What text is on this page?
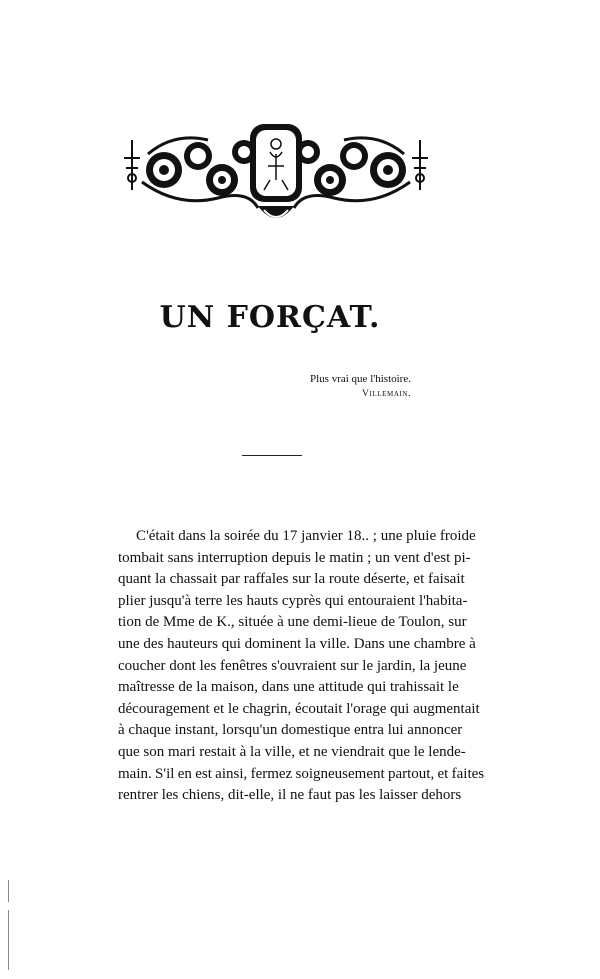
UN FORÇAT.
Plus vrai que l'histoire.
Villemain.
C'était dans la soirée du 17 janvier 18.. ; une pluie froide
tombait sans interruption depuis le matin ; un vent d'est pi-
quant la chassait par raffales sur la route déserte, et faisait
plier jusqu'à terre les hauts cyprès qui entouraient l'habita-
tion de Mme de K., située à une demi-lieue de Toulon, sur
une des hauteurs qui dominent la ville. Dans une chambre à
coucher dont les fenêtres s'ouvraient sur le jardin, la jeune
maîtresse de la maison, dans une attitude qui trahissait le
découragement et le chagrin, écoutait l'orage qui augmentait
à chaque instant, lorsqu'un domestique entra lui annoncer
que son mari restait à la ville, et ne viendrait que le lende-
main. S'il en est ainsi, fermez soigneusement partout, et faites
rentrer les chiens, dit-elle, il ne faut pas les laisser dehors
